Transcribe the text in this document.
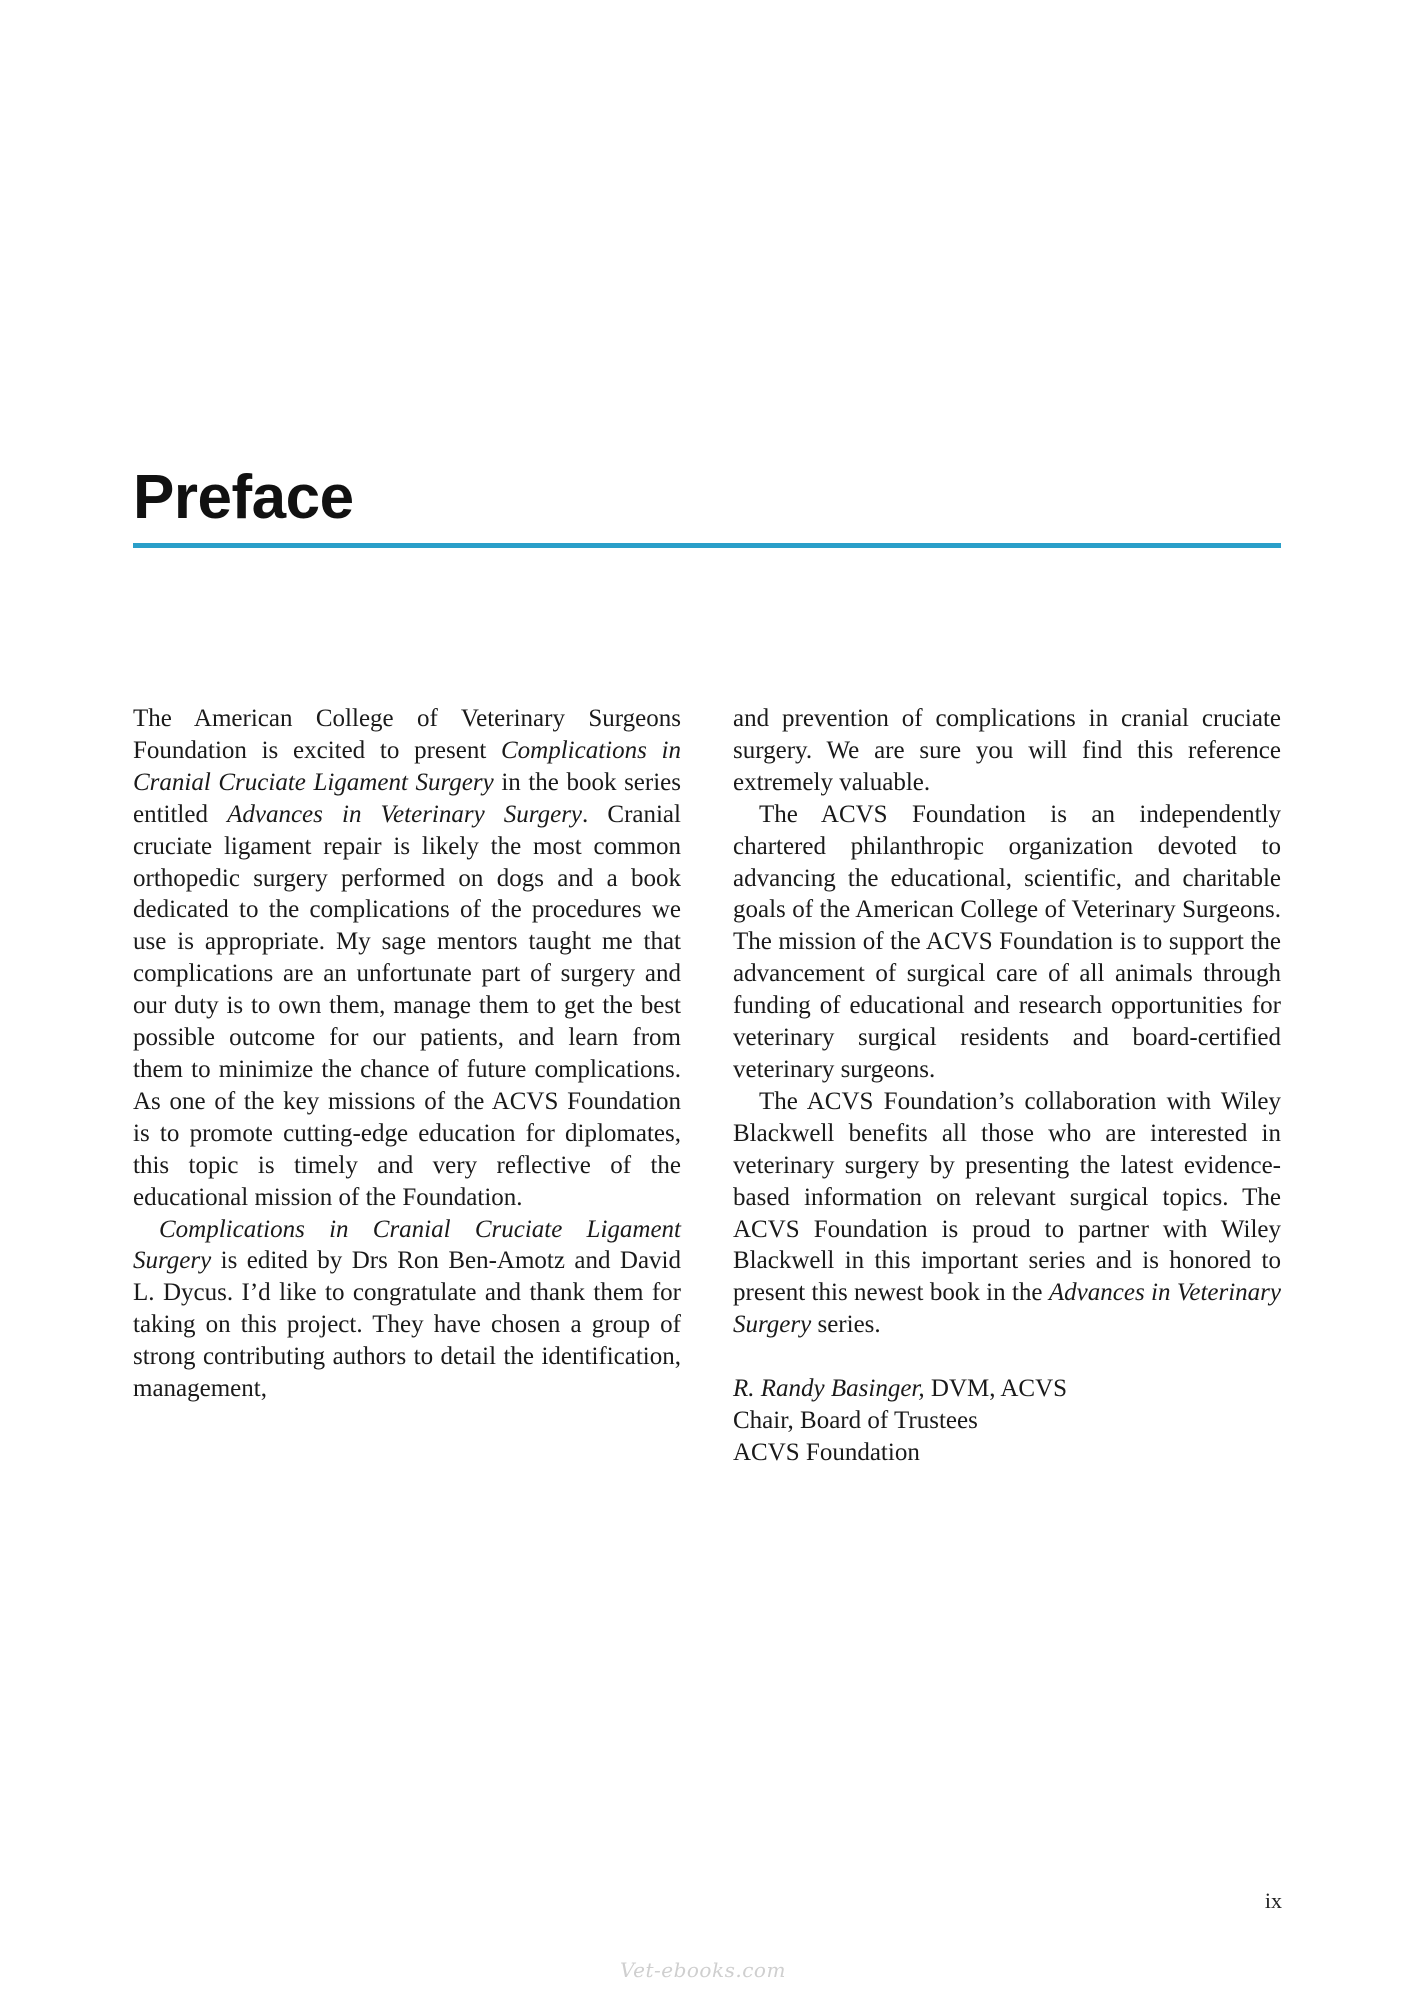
Preface

The American College of Veterinary Surgeons Foundation is excited to present Complications in Cranial Cruciate Ligament Surgery in the book series entitled Advances in Veterinary Surgery. Cranial cruciate ligament repair is likely the most common orthopedic surgery performed on dogs and a book dedicated to the complications of the procedures we use is appropriate. My sage mentors taught me that complications are an unfortunate part of surgery and our duty is to own them, manage them to get the best possible outcome for our patients, and learn from them to minimize the chance of future complications. As one of the key missions of the ACVS Foundation is to promote cutting-edge education for diplomates, this topic is timely and very reflective of the educational mission of the Foundation.

Complications in Cranial Cruciate Ligament Surgery is edited by Drs Ron Ben-Amotz and David L. Dycus. I’d like to congratulate and thank them for taking on this project. They have chosen a group of strong contributing authors to detail the identification, management,

and prevention of complications in cranial cruciate surgery. We are sure you will find this reference extremely valuable.

The ACVS Foundation is an independently chartered philanthropic organization devoted to advancing the educational, scientific, and charitable goals of the American College of Veterinary Surgeons. The mission of the ACVS Foundation is to support the advancement of surgical care of all animals through funding of educational and research opportunities for veterinary surgical residents and board-certified veterinary surgeons.

The ACVS Foundation’s collaboration with Wiley Blackwell benefits all those who are interested in veterinary surgery by presenting the latest evidence-based information on relevant surgical topics. The ACVS Foundation is proud to partner with Wiley Blackwell in this important series and is honored to present this newest book in the Advances in Veterinary Surgery series.

R. Randy Basinger, DVM, ACVS
Chair, Board of Trustees
ACVS Foundation

ix
Vet-ebooks.com
